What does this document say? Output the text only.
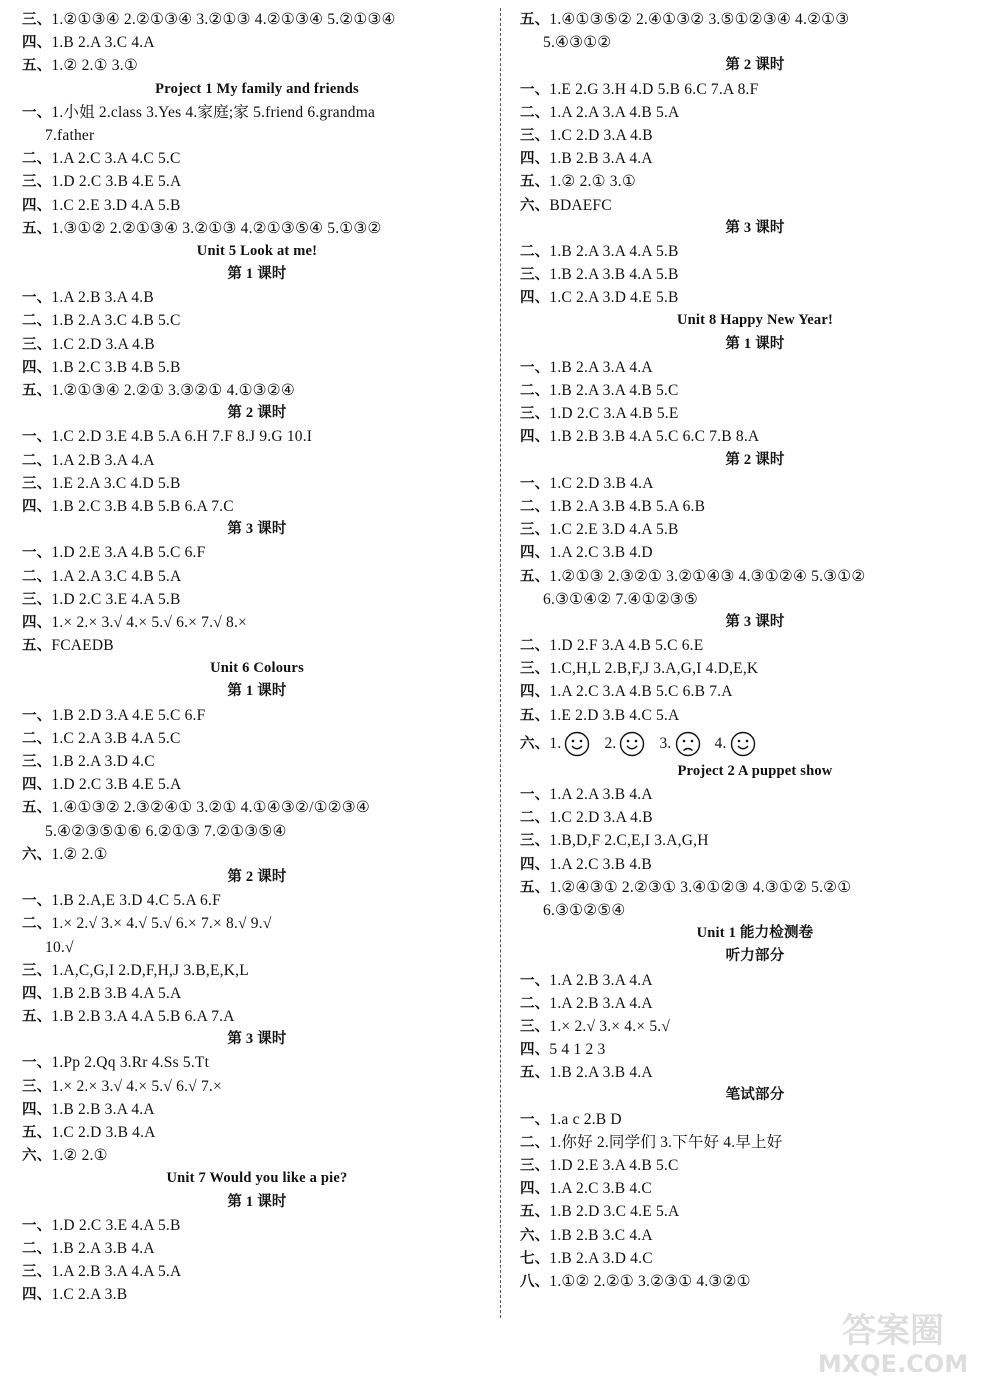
三、1.②①③④ 2.②①③④ 3.②①③ 4.②①③④ 5.②①③④
四、1.B 2.A 3.C 4.A
五、1.② 2.① 3.①
Project 1 My family and friends
一、1.小姐 2.class 3.Yes 4.家庭;家 5.friend 6.grandma
7.father
二、1.A 2.C 3.A 4.C 5.C
三、1.D 2.C 3.B 4.E 5.A
四、1.C 2.E 3.D 4.A 5.B
五、1.③①② 2.②①③④ 3.②①③ 4.②①③⑤④ 5.①③②
Unit 5 Look at me!
第 1 课时
一、1.A 2.B 3.A 4.B
二、1.B 2.A 3.C 4.B 5.C
三、1.C 2.D 3.A 4.B
四、1.B 2.C 3.B 4.B 5.B
五、1.②①③④ 2.②① 3.③②① 4.①③②④
第 2 课时
一、1.C 2.D 3.E 4.B 5.A 6.H 7.F 8.J 9.G 10.I
二、1.A 2.B 3.A 4.A
三、1.E 2.A 3.C 4.D 5.B
四、1.B 2.C 3.B 4.B 5.B 6.A 7.C
第 3 课时
一、1.D 2.E 3.A 4.B 5.C 6.F
二、1.A 2.A 3.C 4.B 5.A
三、1.D 2.C 3.E 4.A 5.B
四、1.× 2.× 3.√ 4.× 5.√ 6.× 7.√ 8.×
五、FCAEDB
Unit 6 Colours
第 1 课时
一、1.B 2.D 3.A 4.E 5.C 6.F
二、1.C 2.A 3.B 4.A 5.C
三、1.B 2.A 3.D 4.C
四、1.D 2.C 3.B 4.E 5.A
五、1.④①③② 2.③②④① 3.②① 4.①④③②/①②③④
5.④②③⑤①⑥ 6.②①③ 7.②①③⑤④
六、1.② 2.①
第 2 课时
一、1.B 2.A,E 3.D 4.C 5.A 6.F
二、1.× 2.√ 3.× 4.√ 5.√ 6.× 7.× 8.√ 9.√
10.√
三、1.A,C,G,I 2.D,F,H,J 3.B,E,K,L
四、1.B 2.B 3.B 4.A 5.A
五、1.B 2.B 3.A 4.A 5.B 6.A 7.A
第 3 课时
一、1.Pp 2.Qq 3.Rr 4.Ss 5.Tt
三、1.× 2.× 3.√ 4.× 5.√ 6.√ 7.×
四、1.B 2.B 3.A 4.A
五、1.C 2.D 3.B 4.A
六、1.② 2.①
Unit 7 Would you like a pie?
第 1 课时
一、1.D 2.C 3.E 4.A 5.B
二、1.B 2.A 3.B 4.A
三、1.A 2.B 3.A 4.A 5.A
四、1.C 2.A 3.B
五、1.④①③⑤② 2.④①③② 3.⑤①②③④ 4.②①③
5.④③①②
第 2 课时
一、1.E 2.G 3.H 4.D 5.B 6.C 7.A 8.F
二、1.A 2.A 3.A 4.B 5.A
三、1.C 2.D 3.A 4.B
四、1.B 2.B 3.A 4.A
五、1.② 2.① 3.①
六、BDAEFC
第 3 课时
二、1.B 2.A 3.A 4.A 5.B
三、1.B 2.A 3.B 4.A 5.B
四、1.C 2.A 3.D 4.E 5.B
Unit 8 Happy New Year!
第 1 课时
一、1.B 2.A 3.A 4.A
二、1.B 2.A 3.A 4.B 5.C
三、1.D 2.C 3.A 4.B 5.E
四、1.B 2.B 3.B 4.A 5.C 6.C 7.B 8.A
第 2 课时
一、1.C 2.D 3.B 4.A
二、1.B 2.A 3.B 4.B 5.A 6.B
三、1.C 2.E 3.D 4.A 5.B
四、1.A 2.C 3.B 4.D
五、1.②①③ 2.③②① 3.②①④③ 4.③①②④ 5.③①②
6.③①④② 7.④①②③⑤
第 3 课时
二、1.D 2.F 3.A 4.B 5.C 6.E
三、1.C,H,L 2.B,F,J 3.A,G,I 4.D,E,K
四、1.A 2.C 3.A 4.B 5.C 6.B 7.A
五、1.E 2.D 3.B 4.C 5.A
六、 1.	2.	3.	4.
Project 2 A puppet show
一、1.A 2.A 3.B 4.A
二、1.C 2.D 3.A 4.B
三、1.B,D,F 2.C,E,I 3.A,G,H
四、1.A 2.C 3.B 4.B
五、1.②④③① 2.②③① 3.④①②③ 4.③①② 5.②①
6.③①②⑤④
Unit 1 能力检测卷
听力部分
一、1.A 2.B 3.A 4.A
二、1.A 2.B 3.A 4.A
三、1.× 2.√ 3.× 4.× 5.√
四、5 4 1 2 3
五、1.B 2.A 3.B 4.A
笔试部分
一、1.a c 2.B D
二、1.你好 2.同学们 3.下午好 4.早上好
三、1.D 2.E 3.A 4.B 5.C
四、1.A 2.C 3.B 4.C
五、1.B 2.D 3.C 4.E 5.A
六、1.B 2.B 3.C 4.A
七、1.B 2.A 3.D 4.C
八、1.①② 2.②① 3.②③① 4.③②①
答案圈
MXQE.COM
